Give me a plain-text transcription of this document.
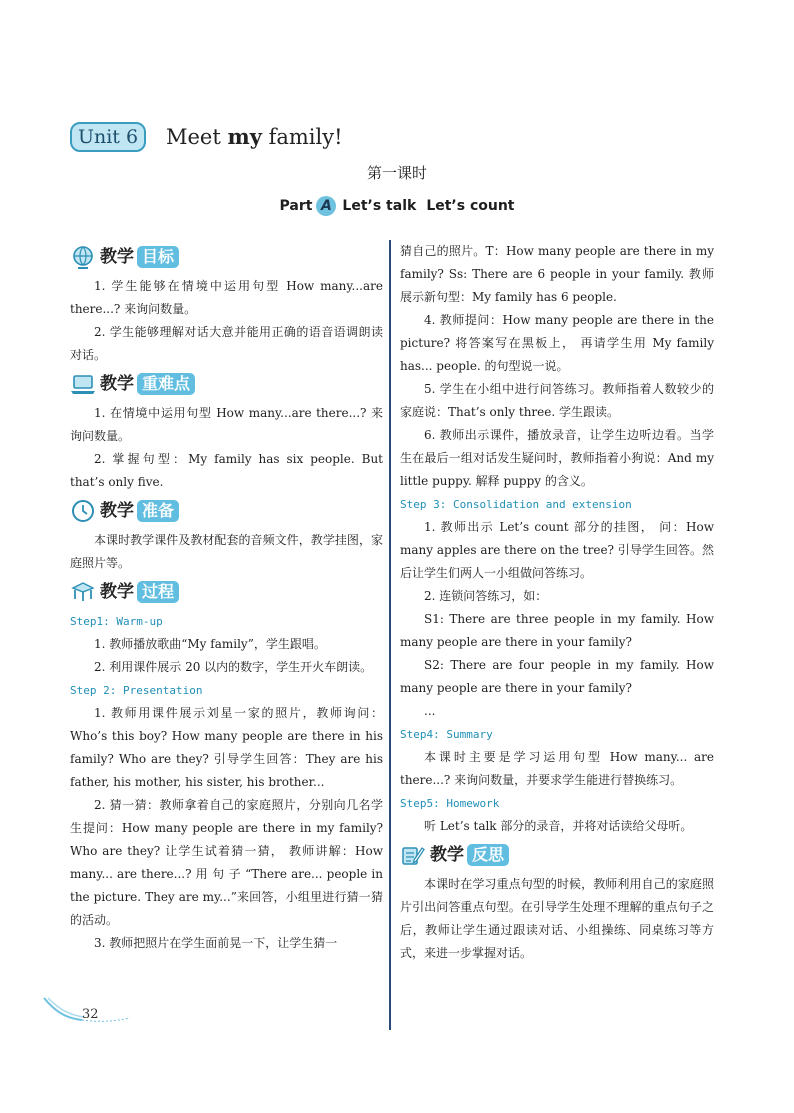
Unit 6	Meet my family!
第一课时
Part A Let’s talk Let’s count
教学 目标

1. 学生能够在情境中运用句型 How many...are there...? 来询问数量。

2. 学生能够理解对话大意并能用正确的语音语调朗读对话。

教学 重难点

1. 在情境中运用句型 How many...are there...? 来询问数量。

2. 掌握句型：My family has six people. But that’s only five.

教学 准备

本课时教学课件及教材配套的音频文件，教学挂图，家庭照片等。

教学 过程
Step1: Warm-up

1. 教师播放歌曲“My family”，学生跟唱。

2. 利用课件展示 20 以内的数字，学生开火车朗读。

Step 2: Presentation

1. 教师用课件展示刘星一家的照片，教师询问：Who’s this boy? How many people are there in his family? Who are they? 引导学生回答：They are his father, his mother, his sister, his brother...

2. 猜一猜：教师拿着自己的家庭照片，分别向几名学生提问：How many people are there in my family? Who are they? 让学生试着猜一猜， 教师讲解：How many... are there...? 用 句 子 “There are... people in the picture. They are my...”来回答，小组里进行猜一猜的活动。

3. 教师把照片在学生面前晃一下，让学生猜一

猜自己的照片。T：How many people are there in my family? Ss: There are 6 people in your family. 教师展示新句型：My family has 6 people.

4. 教师提问：How many people are there in the picture? 将答案写在黑板上， 再请学生用 My family has... people. 的句型说一说。

5. 学生在小组中进行问答练习。教师指着人数较少的家庭说：That’s only three. 学生跟读。

6. 教师出示课件，播放录音，让学生边听边看。当学生在最后一组对话发生疑问时，教师指着小狗说：And my little puppy. 解释 puppy 的含义。

Step 3: Consolidation and extension

1. 教师出示 Let’s count 部分的挂图， 问：How many apples are there on the tree? 引导学生回答。然后让学生们两人一小组做问答练习。

2. 连锁问答练习，如：

S1: There are three people in my family. How many people are there in your family?

S2: There are four people in my family. How many people are there in your family?

...

Step4: Summary

本课时主要是学习运用句型 How many... are there...? 来询问数量，并要求学生能进行替换练习。

Step5: Homework

听 Let’s talk 部分的录音，并将对话读给父母听。

教学 反思

本课时在学习重点句型的时候，教师利用自己的家庭照片引出问答重点句型。在引导学生处理不理解的重点句子之后，教师让学生通过跟读对话、小组操练、同桌练习等方式，来进一步掌握对话。

32
